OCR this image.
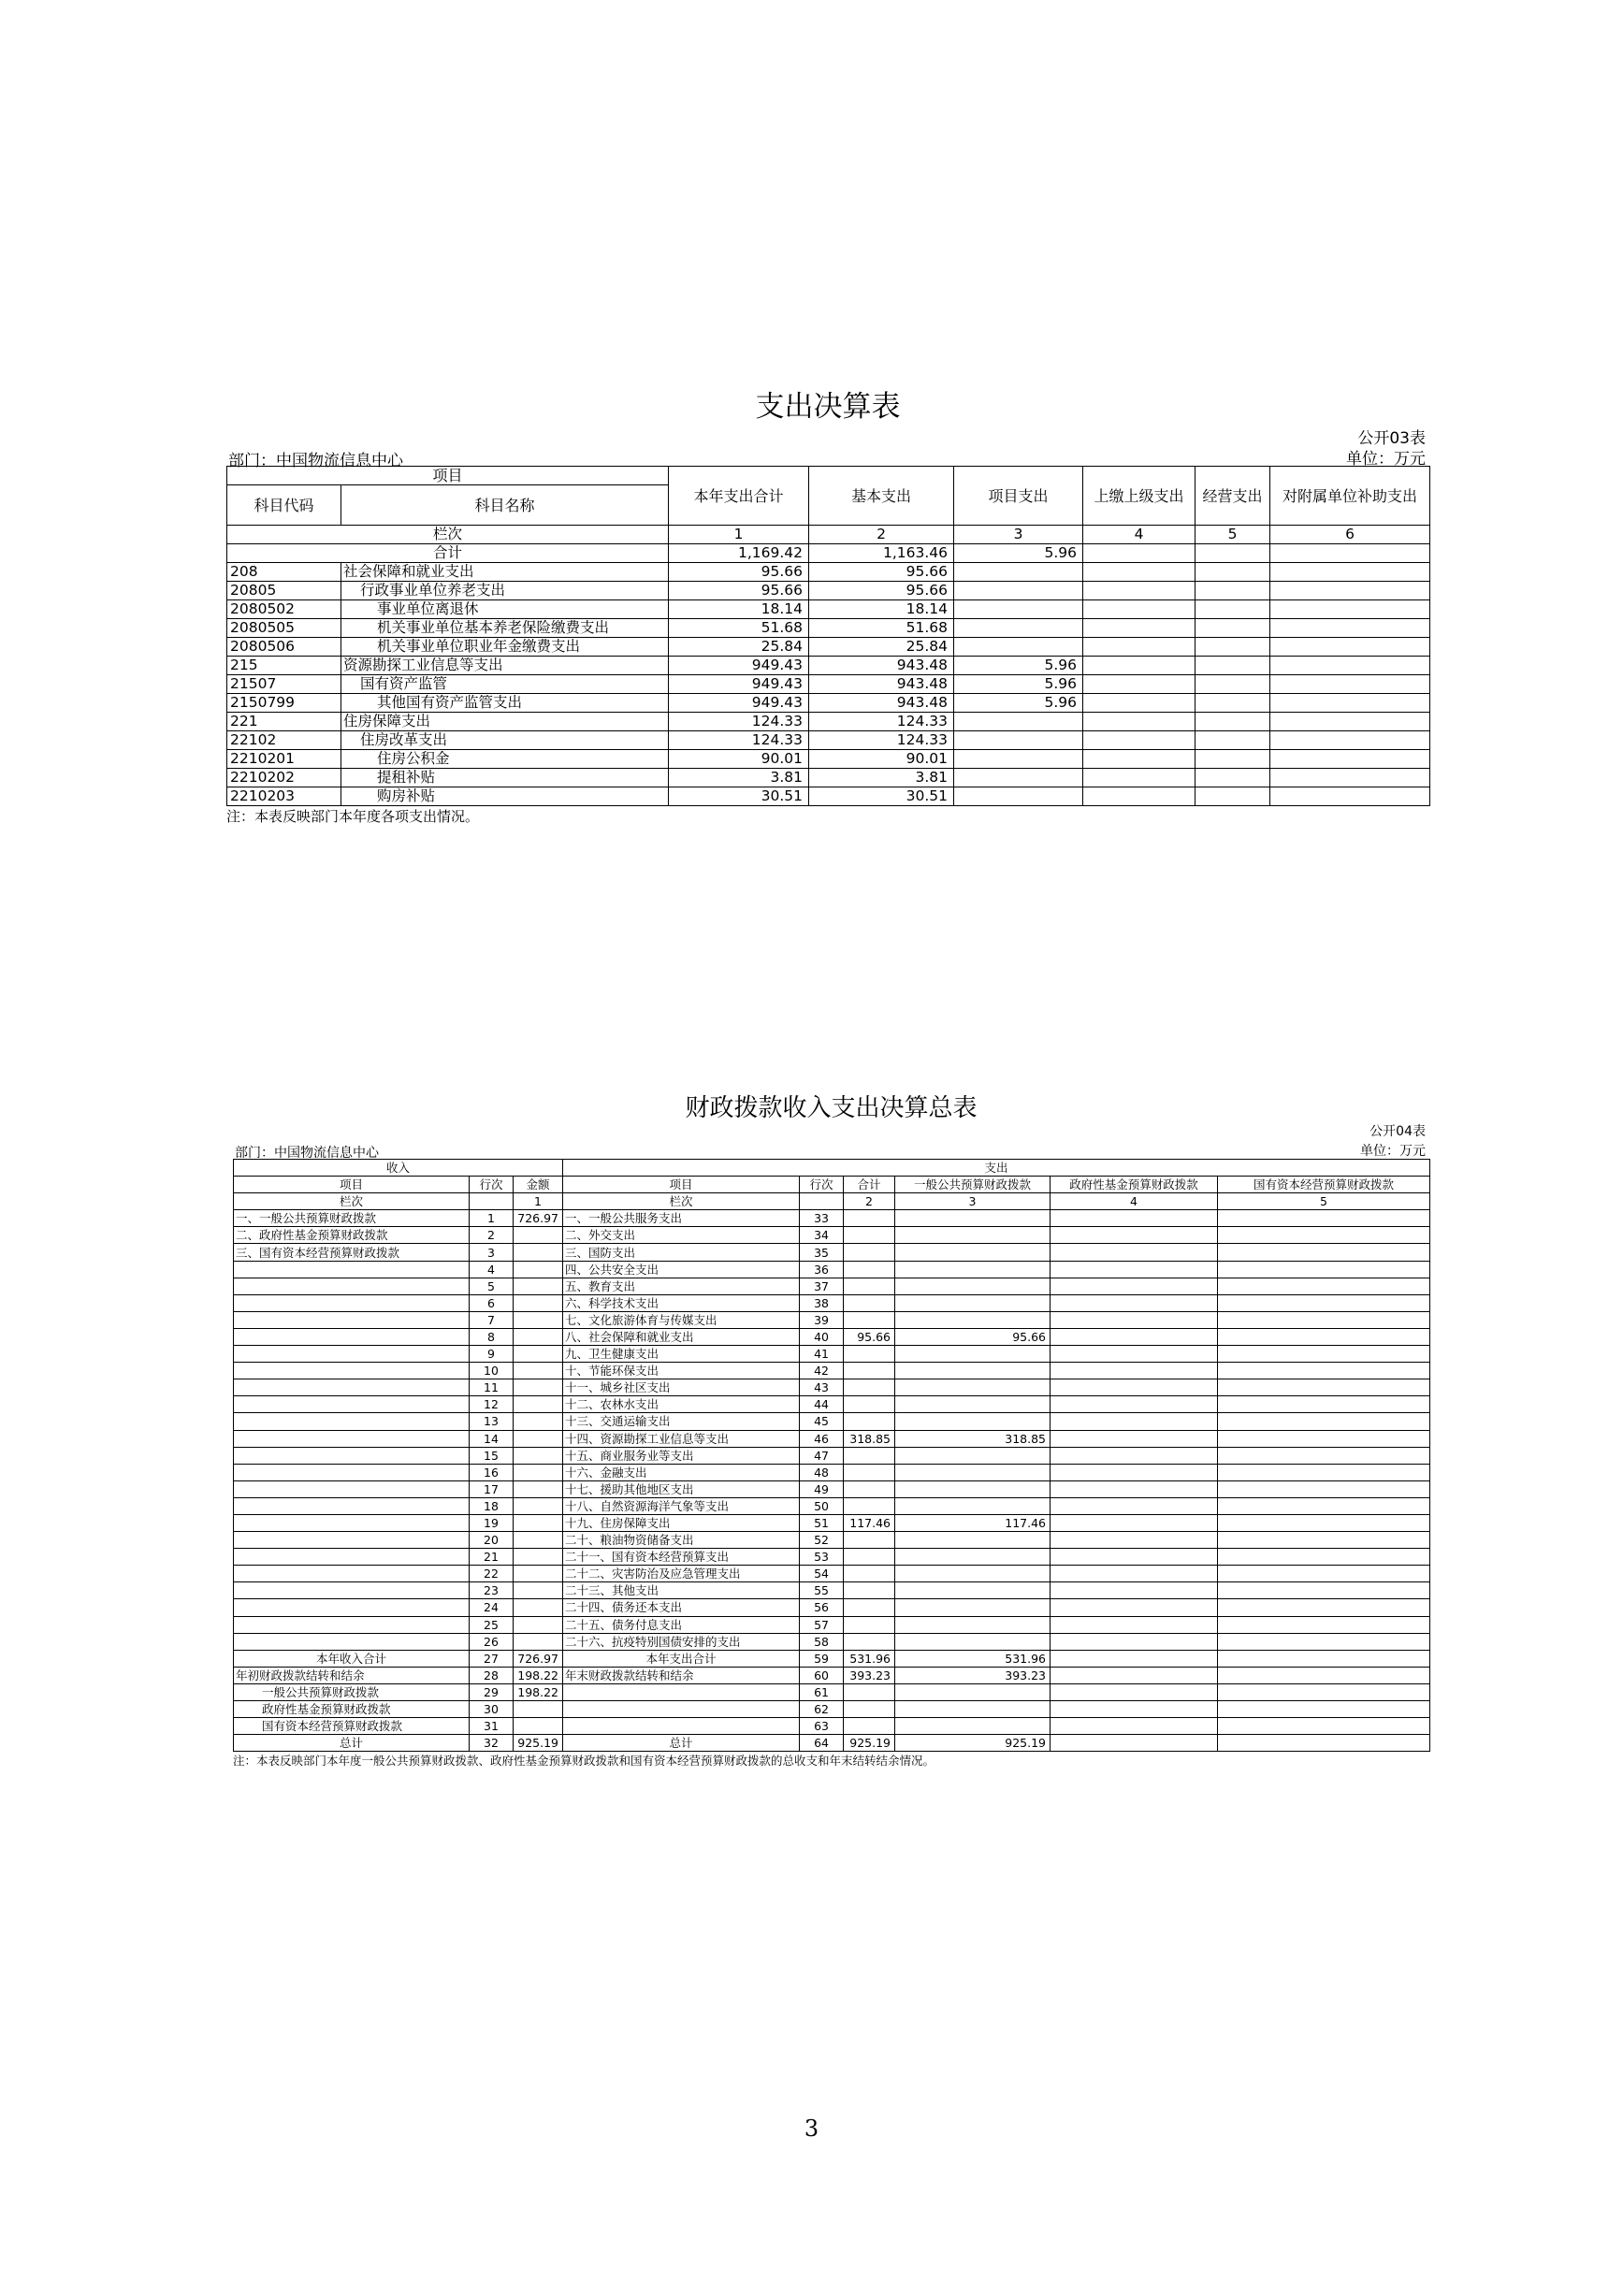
支出决算表
公开03表
部门：中国物流信息中心	单位：万元
项目		本年支出合计	基本支出	项目支出	上缴上级支出	经营支出	对附属单位补助支出
科目代码	科目名称						
栏次		1	2	3	4	5	6
合计		1,169.42	1,163.46	5.96			
208	社会保障和就业支出	95.66	95.66				
20805	行政事业单位养老支出	95.66	95.66				
2080502	事业单位离退休	18.14	18.14				
2080505	机关事业单位基本养老保险缴费支出	51.68	51.68				
2080506	机关事业单位职业年金缴费支出	25.84	25.84				
215	资源勘探工业信息等支出	949.43	943.48	5.96			
21507	国有资产监管	949.43	943.48	5.96			
2150799	其他国有资产监管支出	949.43	943.48	5.96			
221	住房保障支出	124.33	124.33				
22102	住房改革支出	124.33	124.33				
2210201	住房公积金	90.01	90.01				
2210202	提租补贴	3.81	3.81				
2210203	购房补贴	30.51	30.51				
注：本表反映部门本年度各项支出情况。
财政拨款收入支出决算总表
公开04表
部门：中国物流信息中心	单位：万元
收入			支出					
项目	行次	金额	项目	行次	合计	一般公共预算财政拨款	政府性基金预算财政拨款	国有资本经营预算财政拨款
栏次		1	栏次		2	3	4	5
一、一般公共预算财政拨款	1	726.97	一、一般公共服务支出	33				
二、政府性基金预算财政拨款	2		二、外交支出	34				
三、国有资本经营预算财政拨款	3		三、国防支出	35				
	4		四、公共安全支出	36				
	5		五、教育支出	37				
	6		六、科学技术支出	38				
	7		七、文化旅游体育与传媒支出	39				
	8		八、社会保障和就业支出	40	95.66	95.66		
	9		九、卫生健康支出	41				
	10		十、节能环保支出	42				
	11		十一、城乡社区支出	43				
	12		十二、农林水支出	44				
	13		十三、交通运输支出	45				
	14		十四、资源勘探工业信息等支出	46	318.85	318.85		
	15		十五、商业服务业等支出	47				
	16		十六、金融支出	48				
	17		十七、援助其他地区支出	49				
	18		十八、自然资源海洋气象等支出	50				
	19		十九、住房保障支出	51	117.46	117.46		
	20		二十、粮油物资储备支出	52				
	21		二十一、国有资本经营预算支出	53				
	22		二十二、灾害防治及应急管理支出	54				
	23		二十三、其他支出	55				
	24		二十四、债务还本支出	56				
	25		二十五、债务付息支出	57				
	26		二十六、抗疫特别国债安排的支出	58				
本年收入合计	27	726.97	本年支出合计	59	531.96	531.96		
年初财政拨款结转和结余	28	198.22	年末财政拨款结转和结余	60	393.23	393.23		
一般公共预算财政拨款	29	198.22		61				
政府性基金预算财政拨款	30			62				
国有资本经营预算财政拨款	31			63				
总计	32	925.19	总计	64	925.19	925.19		
注：本表反映部门本年度一般公共预算财政拨款、政府性基金预算财政拨款和国有资本经营预算财政拨款的总收支和年末结转结余情况。
3
